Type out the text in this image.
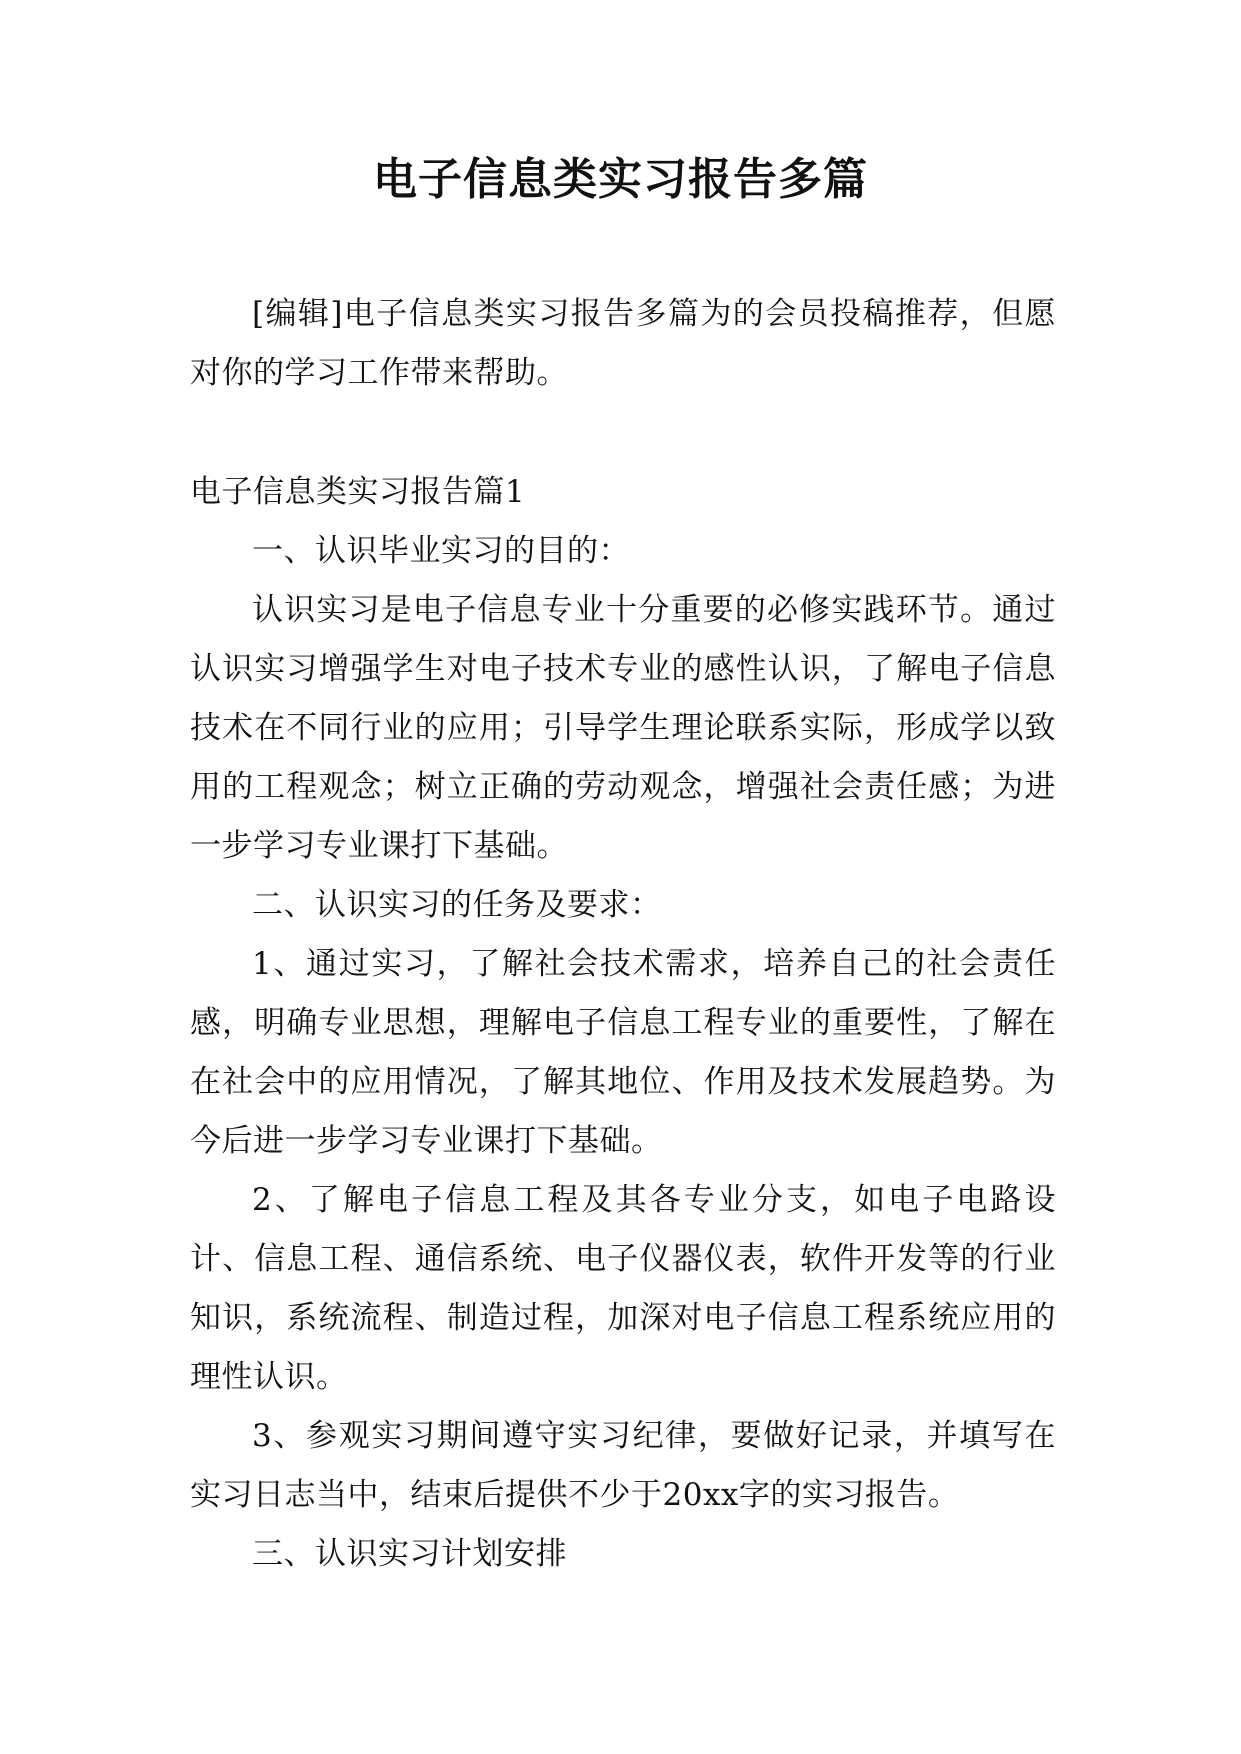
电子信息类实习报告多篇

[编辑]电子信息类实习报告多篇为的会员投稿推荐，但愿对你的学习工作带来帮助。

电子信息类实习报告篇1

一、认识毕业实习的目的：

认识实习是电子信息专业十分重要的必修实践环节。通过认识实习增强学生对电子技术专业的感性认识，了解电子信息技术在不同行业的应用；引导学生理论联系实际，形成学以致用的工程观念；树立正确的劳动观念，增强社会责任感；为进一步学习专业课打下基础。

二、认识实习的任务及要求：

1、通过实习，了解社会技术需求，培养自己的社会责任感，明确专业思想，理解电子信息工程专业的重要性，了解在在社会中的应用情况，了解其地位、作用及技术发展趋势。为今后进一步学习专业课打下基础。

2、了解电子信息工程及其各专业分支，如电子电路设计、信息工程、通信系统、电子仪器仪表，软件开发等的行业知识，系统流程、制造过程，加深对电子信息工程系统应用的理性认识。

3、参观实习期间遵守实习纪律，要做好记录，并填写在实习日志当中，结束后提供不少于20xx字的实习报告。

三、认识实习计划安排
